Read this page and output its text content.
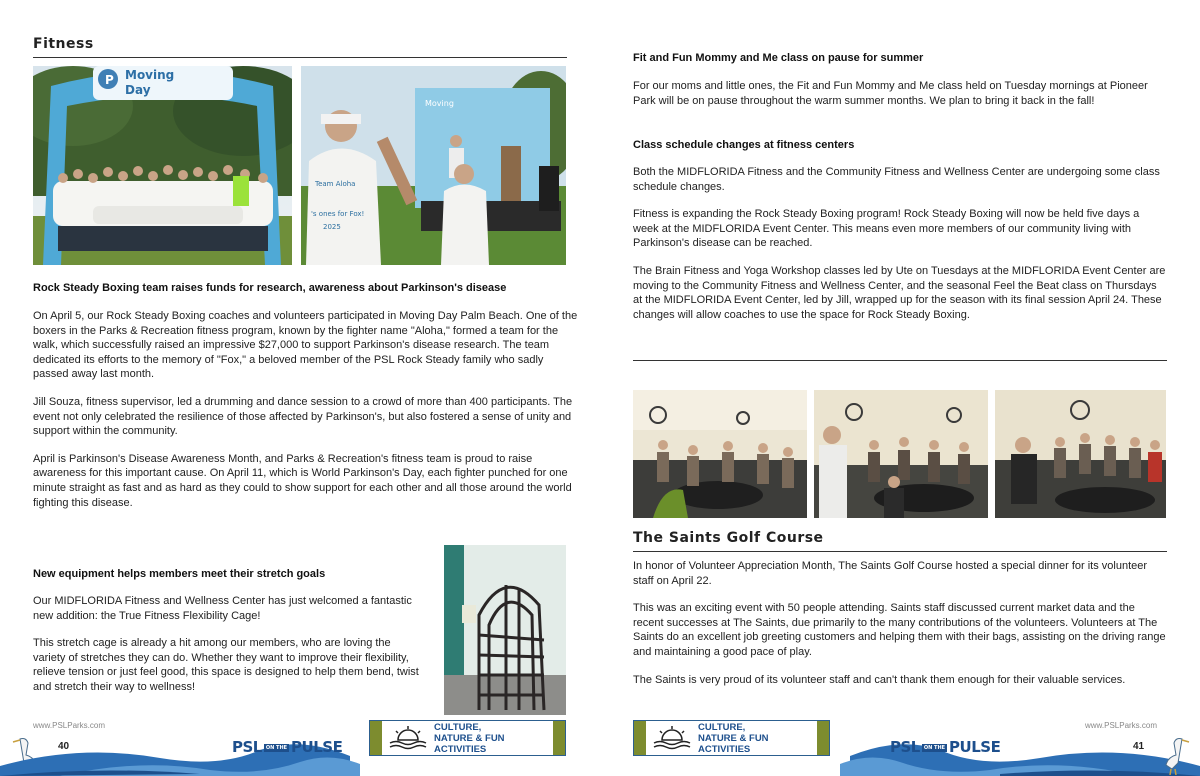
Fitness
P Moving
Day
Moving
Team Aloha
's ones for Fox!
2025
Rock Steady Boxing team raises funds for research, awareness about Parkinson's disease

On April 5, our Rock Steady Boxing coaches and volunteers participated in Moving Day Palm Beach. One of the boxers in the Parks & Recreation fitness program, known by the fighter name "Aloha," formed a team for the walk, which successfully raised an impressive $27,000 to support Parkinson's disease research. The team dedicated its efforts to the memory of "Fox," a beloved member of the PSL Rock Steady family who sadly passed away last month.

Jill Souza, fitness supervisor, led a drumming and dance session to a crowd of more than 400 participants. The event not only celebrated the resilience of those affected by Parkinson's, but also fostered a sense of unity and support within the community.

April is Parkinson's Disease Awareness Month, and Parks & Recreation's fitness team is proud to raise awareness for this important cause. On April 11, which is World Parkinson's Day, each fighter punched for one minute straight as fast and as hard as they could to show support for each other and all those around the world fighting this disease.

New equipment helps members meet their stretch goals

Our MIDFLORIDA Fitness and Wellness Center has just welcomed a fantastic new addition: the True Fitness Flexibility Cage!

This stretch cage is already a hit among our members, who are loving the variety of stretches they can do. Whether they want to improve their flexibility, relieve tension or just feel good, this space is designed to help them bend, twist and stretch their way to wellness!

www.PSLParks.com
40	PSL ON THE PULSE
CULTURE,
NATURE & FUN
ACTIVITIES
Fit and Fun Mommy and Me class on pause for summer

For our moms and little ones, the Fit and Fun Mommy and Me class held on Tuesday mornings at Pioneer Park will be on pause throughout the warm summer months. We plan to bring it back in the fall!

Class schedule changes at fitness centers

Both the MIDFLORIDA Fitness and the Community Fitness and Wellness Center are undergoing some class schedule changes.

Fitness is expanding the Rock Steady Boxing program! Rock Steady Boxing will now be held five days a week at the MIDFLORIDA Event Center. This means even more members of our community living with Parkinson's disease can be reached.

The Brain Fitness and Yoga Workshop classes led by Ute on Tuesdays at the MIDFLORIDA Event Center are moving to the Community Fitness and Wellness Center, and the seasonal Feel the Beat class on Thursdays at the MIDFLORIDA Event Center, led by Jill, wrapped up for the season with its final session April 24. These changes will allow coaches to use the space for Rock Steady Boxing.

The Saints Golf Course

In honor of Volunteer Appreciation Month, The Saints Golf Course hosted a special dinner for its volunteer staff on April 22.

This was an exciting event with 50 people attending. Saints staff discussed current market data and the recent successes at The Saints, due primarily to the many contributions of the volunteers. Volunteers at The Saints do an excellent job greeting customers and helping them with their bags, assisting on the driving range and maintaining a good pace of play.

The Saints is very proud of its volunteer staff and can't thank them enough for their valuable services.

CULTURE,
NATURE & FUN
ACTIVITIES	PSL ON THE PULSE
www.PSLParks.com
41
